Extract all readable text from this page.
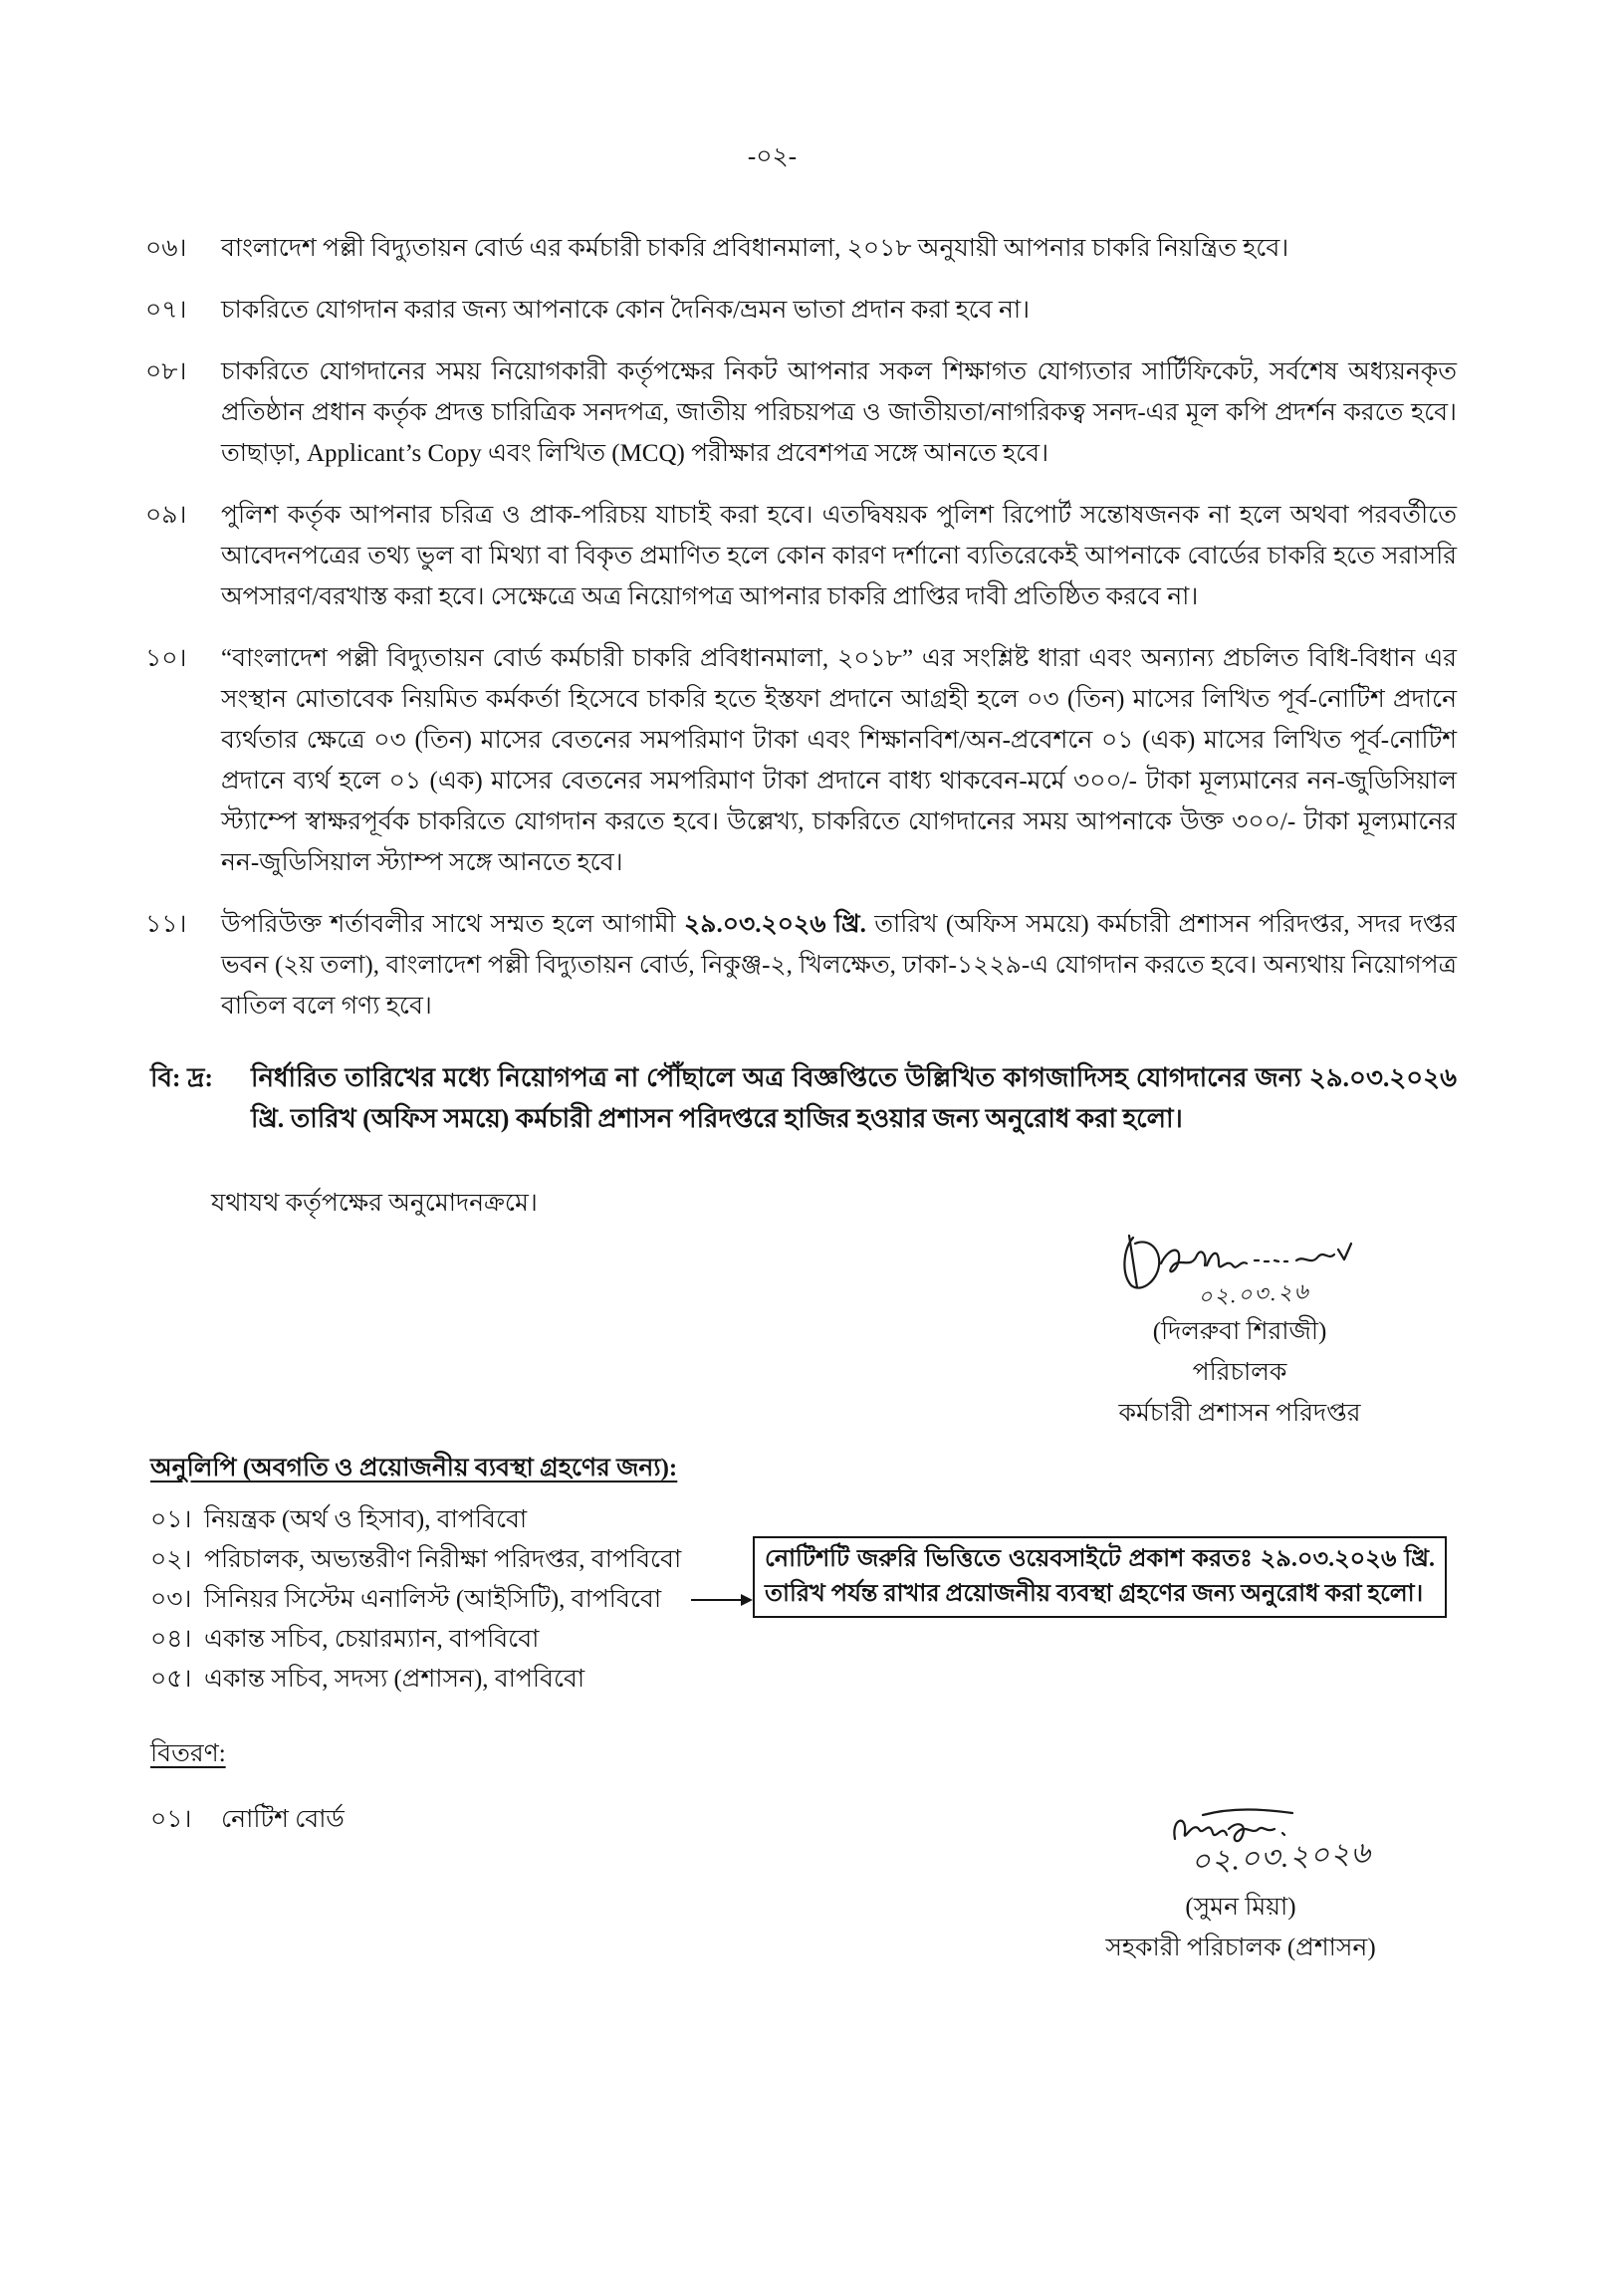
-০২-
০৬।	বাংলাদেশ পল্লী বিদ্যুতায়ন বোর্ড এর কর্মচারী চাকরি প্রবিধানমালা, ২০১৮ অনুযায়ী আপনার চাকরি নিয়ন্ত্রিত হবে।
০৭।	চাকরিতে যোগদান করার জন্য আপনাকে কোন দৈনিক/ভ্রমন ভাতা প্রদান করা হবে না।
০৮।	চাকরিতে যোগদানের সময় নিয়োগকারী কর্তৃপক্ষের নিকট আপনার সকল শিক্ষাগত যোগ্যতার সার্টিফিকেট, সর্বশেষ অধ্যয়নকৃত প্রতিষ্ঠান প্রধান কর্তৃক প্রদত্ত চারিত্রিক সনদপত্র, জাতীয় পরিচয়পত্র ও জাতীয়তা/নাগরিকত্ব সনদ-এর মূল কপি প্রদর্শন করতে হবে। তাছাড়া, Applicant’s Copy এবং লিখিত (MCQ) পরীক্ষার প্রবেশপত্র সঙ্গে আনতে হবে।
০৯।	পুলিশ কর্তৃক আপনার চরিত্র ও প্রাক-পরিচয় যাচাই করা হবে। এতদ্বিষয়ক পুলিশ রিপোর্ট সন্তোষজনক না হলে অথবা পরবর্তীতে আবেদনপত্রের তথ্য ভুল বা মিথ্যা বা বিকৃত প্রমাণিত হলে কোন কারণ দর্শানো ব্যতিরেকেই আপনাকে বোর্ডের চাকরি হতে সরাসরি অপসারণ/বরখাস্ত করা হবে। সেক্ষেত্রে অত্র নিয়োগপত্র আপনার চাকরি প্রাপ্তির দাবী প্রতিষ্ঠিত করবে না।
১০।	“বাংলাদেশ পল্লী বিদ্যুতায়ন বোর্ড কর্মচারী চাকরি প্রবিধানমালা, ২০১৮” এর সংশ্লিষ্ট ধারা এবং অন্যান্য প্রচলিত বিধি-বিধান এর সংস্থান মোতাবেক নিয়মিত কর্মকর্তা হিসেবে চাকরি হতে ইস্তফা প্রদানে আগ্রহী হলে ০৩ (তিন) মাসের লিখিত পূর্ব-নোটিশ প্রদানে ব্যর্থতার ক্ষেত্রে ০৩ (তিন) মাসের বেতনের সমপরিমাণ টাকা এবং শিক্ষানবিশ/অন-প্রবেশনে ০১ (এক) মাসের লিখিত পূর্ব-নোটিশ প্রদানে ব্যর্থ হলে ০১ (এক) মাসের বেতনের সমপরিমাণ টাকা প্রদানে বাধ্য থাকবেন-মর্মে ৩০০/- টাকা মূল্যমানের নন-জুডিসিয়াল স্ট্যাম্পে স্বাক্ষরপূর্বক চাকরিতে যোগদান করতে হবে। উল্লেখ্য, চাকরিতে যোগদানের সময় আপনাকে উক্ত ৩০০/- টাকা মূল্যমানের নন-জুডিসিয়াল স্ট্যাম্প সঙ্গে আনতে হবে।
১১।	উপরিউক্ত শর্তাবলীর সাথে সম্মত হলে আগামী ২৯.০৩.২০২৬ খ্রি. তারিখ (অফিস সময়ে) কর্মচারী প্রশাসন পরিদপ্তর, সদর দপ্তর ভবন (২য় তলা), বাংলাদেশ পল্লী বিদ্যুতায়ন বোর্ড, নিকুঞ্জ-২, খিলক্ষেত, ঢাকা-১২২৯-এ যোগদান করতে হবে। অন্যথায় নিয়োগপত্র বাতিল বলে গণ্য হবে।
বি: দ্র:	নির্ধারিত তারিখের মধ্যে নিয়োগপত্র না পৌঁছালে অত্র বিজ্ঞপ্তিতে উল্লিখিত কাগজাদিসহ যোগদানের জন্য ২৯.০৩.২০২৬ খ্রি. তারিখ (অফিস সময়ে) কর্মচারী প্রশাসন পরিদপ্তরে হাজির হওয়ার জন্য অনুরোধ করা হলো।
যথাযথ কর্তৃপক্ষের অনুমোদনক্রমে।
০২.০৩.২৬
(দিলরুবা শিরাজী)
পরিচালক
কর্মচারী প্রশাসন পরিদপ্তর
অনুলিপি (অবগতি ও প্রয়োজনীয় ব্যবস্থা গ্রহণের জন্য):
০১। নিয়ন্ত্রক (অর্থ ও হিসাব), বাপবিবো
০২। পরিচালক, অভ্যন্তরীণ নিরীক্ষা পরিদপ্তর, বাপবিবো
০৩। সিনিয়র সিস্টেম এনালিস্ট (আইসিটি), বাপবিবো
০৪। একান্ত সচিব, চেয়ারম্যান, বাপবিবো
০৫। একান্ত সচিব, সদস্য (প্রশাসন), বাপবিবো
নোটিশটি জরুরি ভিত্তিতে ওয়েবসাইটে প্রকাশ করতঃ ২৯.০৩.২০২৬ খ্রি. তারিখ পর্যন্ত রাখার প্রয়োজনীয় ব্যবস্থা গ্রহণের জন্য অনুরোধ করা হলো।
বিতরণ:
০১।	নোটিশ বোর্ড
০২.০৩.২০২৬
(সুমন মিয়া)
সহকারী পরিচালক (প্রশাসন)
